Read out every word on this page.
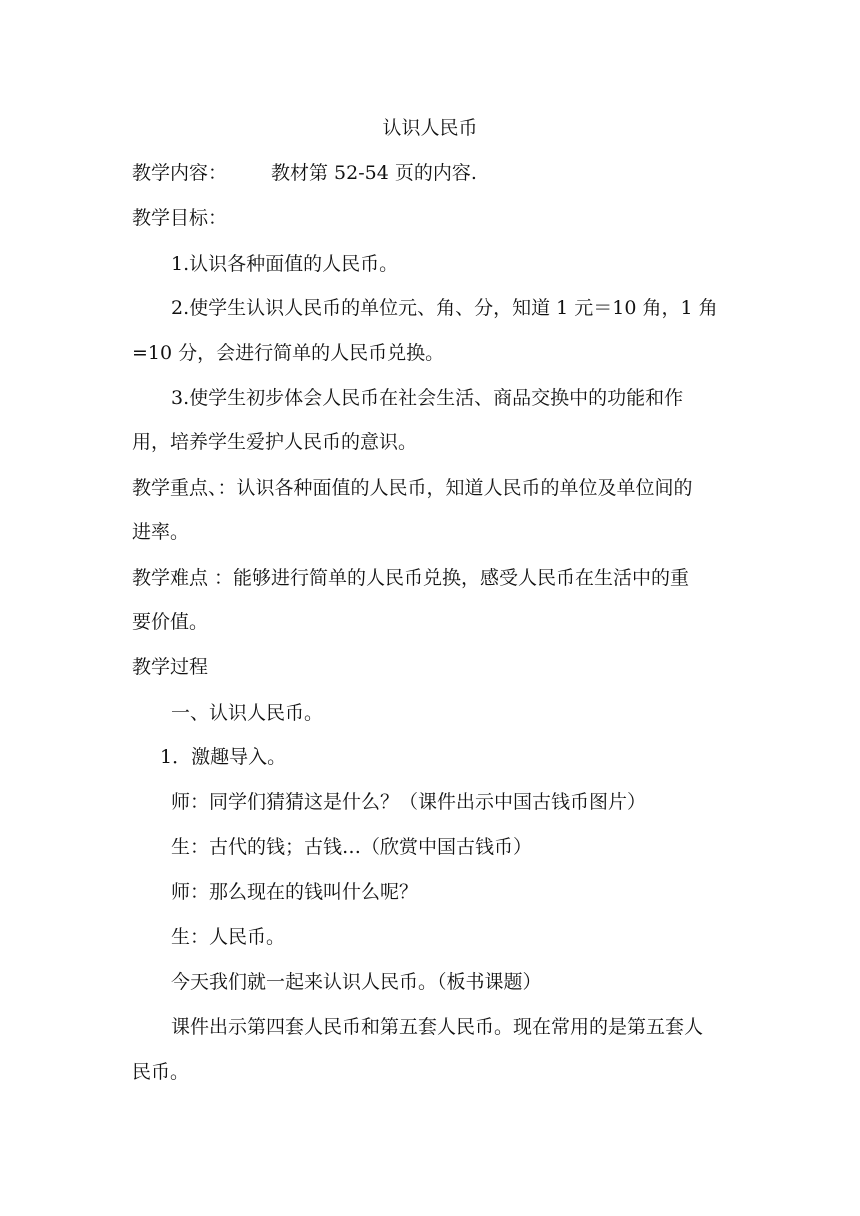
认识人民币
教学内容： 教材第 52-54 页的内容.
教学目标：
1.认识各种面值的人民币。
2.使学生认识人民币的单位元、角、分，知道 1 元＝10 角，1 角
=10 分，会进行简单的人民币兑换。
3.使学生初步体会人民币在社会生活、商品交换中的功能和作
用，培养学生爱护人民币的意识。
教学重点、：认识各种面值的人民币，知道人民币的单位及单位间的
进率。
教学难点 ：能够进行简单的人民币兑换，感受人民币在生活中的重
要价值。
教学过程
一、认识人民币。
1．激趣导入。
师：同学们猜猜这是什么？（课件出示中国古钱币图片）
生：古代的钱；古钱…（欣赏中国古钱币）
师：那么现在的钱叫什么呢？
生：人民币。
今天我们就一起来认识人民币。（板书课题）
课件出示第四套人民币和第五套人民币。现在常用的是第五套人
民币。
